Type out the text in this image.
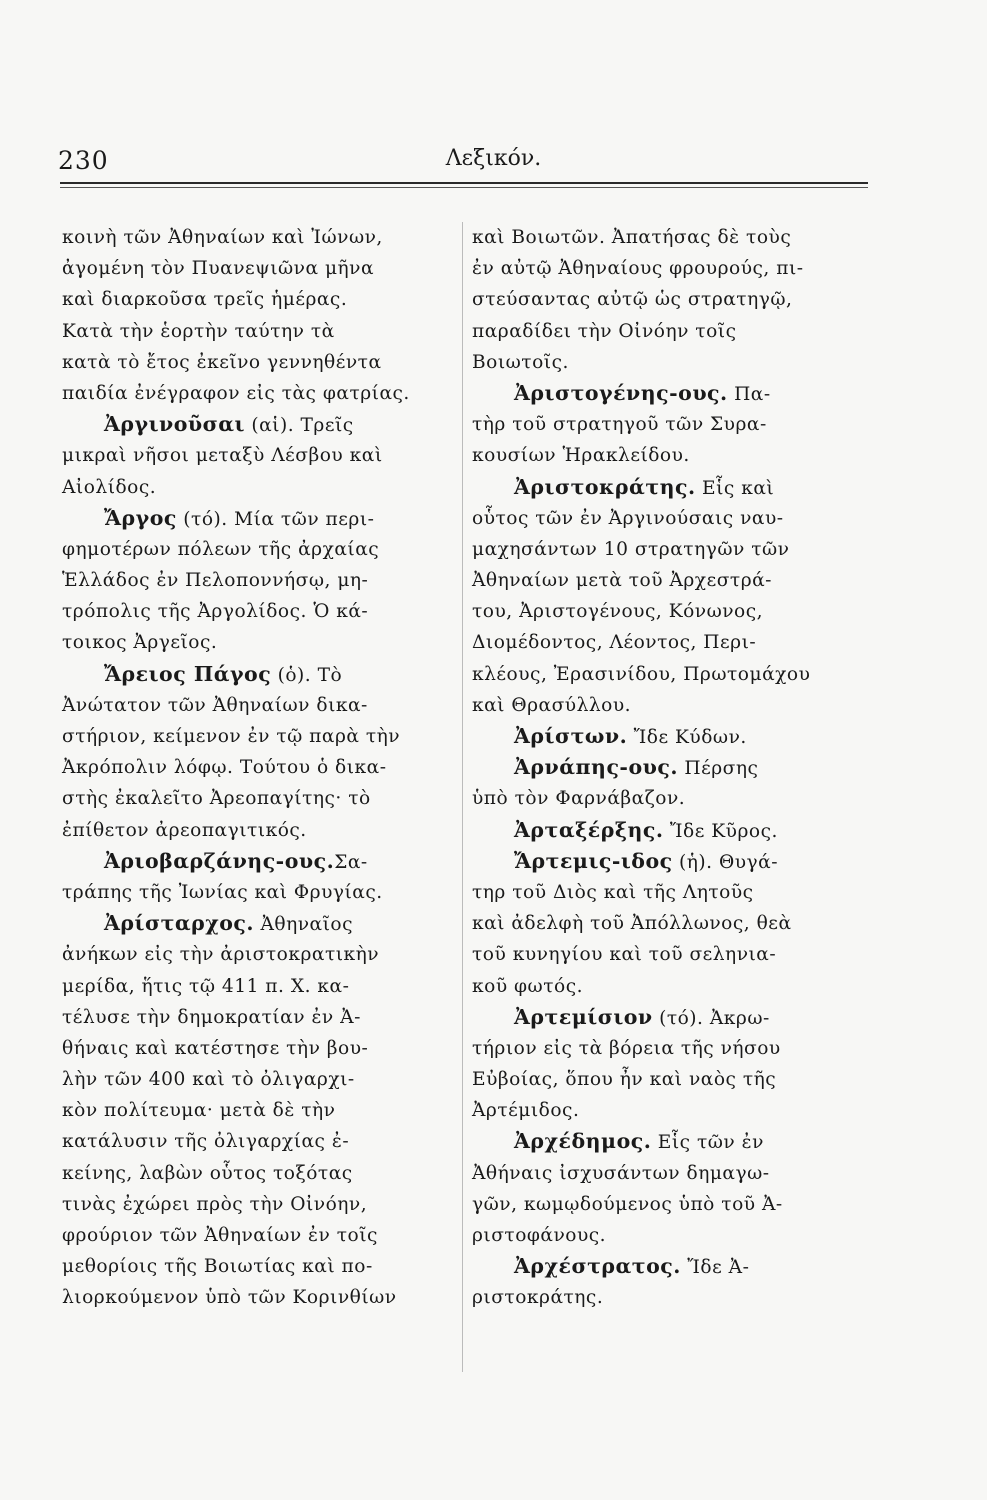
230	Λεξικόν.
κοινὴ τῶν Ἀθηναίων καὶ Ἰώνων,
ἀγομένη τὸν Πυανεψιῶνα μῆνα
καὶ διαρκοῦσα τρεῖς ἡμέρας.
Κατὰ τὴν ἑορτὴν ταύτην τὰ
κατὰ τὸ ἔτος ἐκεῖνο γεννηθέντα
παιδία ἐνέγραφον εἰς τὰς φατρίας.
Ἀργινοῦσαι (αἱ). Τρεῖς
μικραὶ νῆσοι μεταξὺ Λέσβου καὶ
Αἰολίδος.
Ἄργος (τό). Μία τῶν περι-
φημοτέρων πόλεων τῆς ἀρχαίας
Ἑλλάδος ἐν Πελοποννήσῳ, μη-
τρόπολις τῆς Ἀργολίδος. Ὁ κά-
τοικος Ἀργεῖος.
Ἄρειος Πάγος (ὁ). Τὸ
Ἀνώτατον τῶν Ἀθηναίων δικα-
στήριον, κείμενον ἐν τῷ παρὰ τὴν
Ἀκρόπολιν λόφῳ. Τούτου ὁ δικα-
στὴς ἐκαλεῖτο Ἀρεοπαγίτης· τὸ
ἐπίθετον ἀρεοπαγιτικός.
Ἀριοβαρζάνης-ους.Σα-
τράπης τῆς Ἰωνίας καὶ Φρυγίας.
Ἀρίσταρχος. Ἀθηναῖος
ἀνήκων εἰς τὴν ἀριστοκρατικὴν
μερίδα, ἥτις τῷ 411 π. Χ. κα-
τέλυσε τὴν δημοκρατίαν ἐν Ἀ-
θήναις καὶ κατέστησε τὴν βου-
λὴν τῶν 400 καὶ τὸ ὀλιγαρχι-
κὸν πολίτευμα· μετὰ δὲ τὴν
κατάλυσιν τῆς ὀλιγαρχίας ἐ-
κείνης, λαβὼν οὗτος τοξότας
τινὰς ἐχώρει πρὸς τὴν Οἰνόην,
φρούριον τῶν Ἀθηναίων ἐν τοῖς
μεθορίοις τῆς Βοιωτίας καὶ πο-
λιορκούμενον ὑπὸ τῶν Κορινθίων
καὶ Βοιωτῶν. Ἀπατήσας δὲ τοὺς
ἐν αὐτῷ Ἀθηναίους φρουρούς, πι-
στεύσαντας αὐτῷ ὡς στρατηγῷ,
παραδίδει τὴν Οἰνόην τοῖς
Βοιωτοῖς.
Ἀριστογένης-ους. Πα-
τὴρ τοῦ στρατηγοῦ τῶν Συρα-
κουσίων Ἡρακλείδου.
Ἀριστοκράτης. Εἷς καὶ
οὗτος τῶν ἐν Ἀργινούσαις ναυ-
μαχησάντων 10 στρατηγῶν τῶν
Ἀθηναίων μετὰ τοῦ Ἀρχεστρά-
του, Ἀριστογένους, Κόνωνος,
Διομέδοντος, Λέοντος, Περι-
κλέους, Ἐρασινίδου, Πρωτομάχου
καὶ Θρασύλλου.
Ἀρίστων. Ἴδε Κύδων.
Ἀρνάπης-ους. Πέρσης
ὑπὸ τὸν Φαρνάβαζον.
Ἀρταξέρξης. Ἴδε Κῦρος.
Ἄρτεμις-ιδος (ἡ). Θυγά-
τηρ τοῦ Διὸς καὶ τῆς Λητοῦς
καὶ ἀδελφὴ τοῦ Ἀπόλλωνος, θεὰ
τοῦ κυνηγίου καὶ τοῦ σεληνια-
κοῦ φωτός.
Ἀρτεμίσιον (τό). Ἀκρω-
τήριον εἰς τὰ βόρεια τῆς νήσου
Εὐβοίας, ὅπου ἦν καὶ ναὸς τῆς
Ἀρτέμιδος.
Ἀρχέδημος. Εἷς τῶν ἐν
Ἀθήναις ἰσχυσάντων δημαγω-
γῶν, κωμῳδούμενος ὑπὸ τοῦ Ἀ-
ριστοφάνους.
Ἀρχέστρατος. Ἴδε Ἀ-
ριστοκράτης.
